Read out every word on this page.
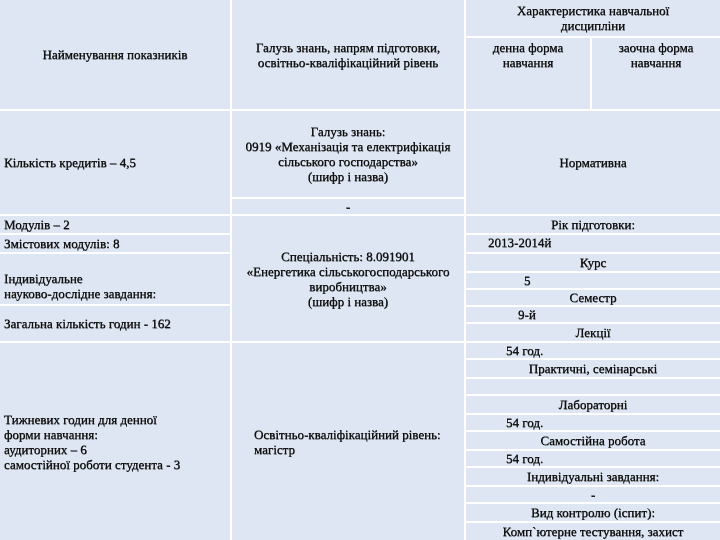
Найменування показників	Галузь знань, напрям підготовки, освітньо-кваліфікаційний рівень
Характеристика навчальної дисципліни
денна форма навчання
заочна форма навчання
Кількість кредитів – 4,5
Галузь знань:
0919 «Механізація та електрифікація сільського господарства»
(шифр і назва)
-
Нормативна
Модулів – 2
Змістових модулів: 8

Індивідуальне
науково-дослідне завдання:

Загальна кількість годин - 162
Тижневих годин для денної
форми навчання:
аудиторних – 6
самостійної роботи студента - 3
Спеціальність: 8.091901
«Енергетика сільськогосподарського виробництва»
(шифр і назва)
Освітньо-кваліфікаційний рівень:
магістр
Рік підготовки:
2013-2014й
Курс
5
Семестр
9-й
Лекції
54 год.
Практичні, семінарські
Лабораторні
54 год.
Самостійна робота
54 год.
Індивідуальні завдання:
-
Вид контролю (іспит):
Комп`ютерне тестування, захист
